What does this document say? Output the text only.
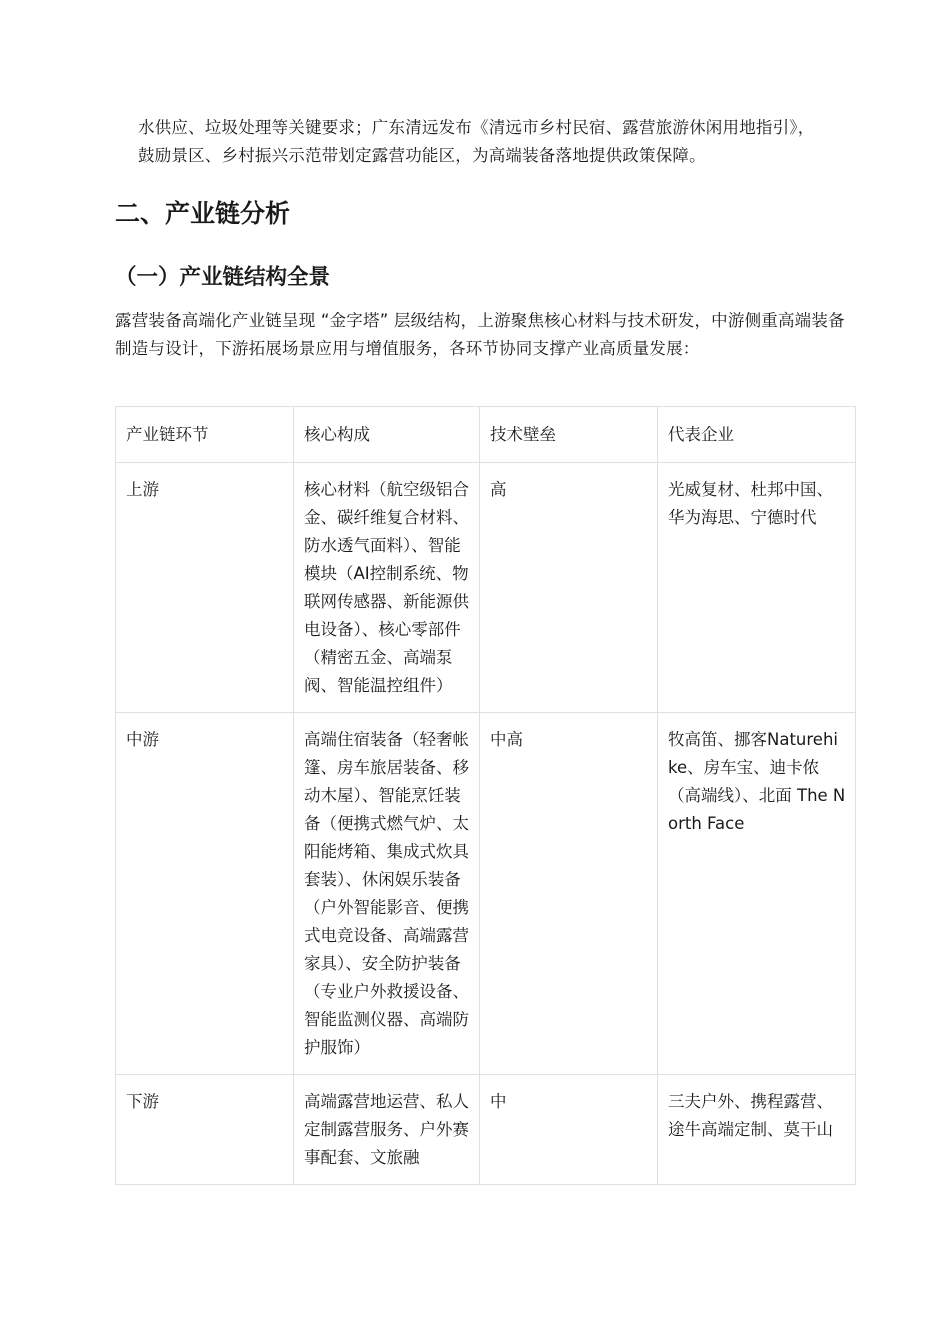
水供应、垃圾处理等关键要求；广东清远发布《清远市乡村民宿、露营旅游休闲用地指引》，鼓励景区、乡村振兴示范带划定露营功能区，为高端装备落地提供政策保障。

二、产业链分析
（一）产业链结构全景

露营装备高端化产业链呈现 “金字塔” 层级结构，上游聚焦核心材料与技术研发，中游侧重高端装备制造与设计，下游拓展场景应用与增值服务，各环节协同支撑产业高质量发展：

产业链环节	核心构成	技术壁垒	代表企业
上游	核心材料（航空级铝合金、碳纤维复合材料、防水透气面料）、智能模块（AI控制系统、物联网传感器、新能源供电设备）、核心零部件（精密五金、高端泵阀、智能温控组件）	高	光威复材、杜邦中国、华为海思、宁德时代
中游	高端住宿装备（轻奢帐篷、房车旅居装备、移动木屋）、智能烹饪装备（便携式燃气炉、太阳能烤箱、集成式炊具套装）、休闲娱乐装备（户外智能影音、便携式电竞设备、高端露营家具）、安全防护装备（专业户外救援设备、智能监测仪器、高端防护服饰）	中高	牧高笛、挪客Naturehike、房车宝、迪卡侬（高端线）、北面 The North Face

下游	高端露营地运营、私人定制露营服务、户外赛事配套、文旅融	中	三夫户外、携程露营、途牛高端定制、莫干山
